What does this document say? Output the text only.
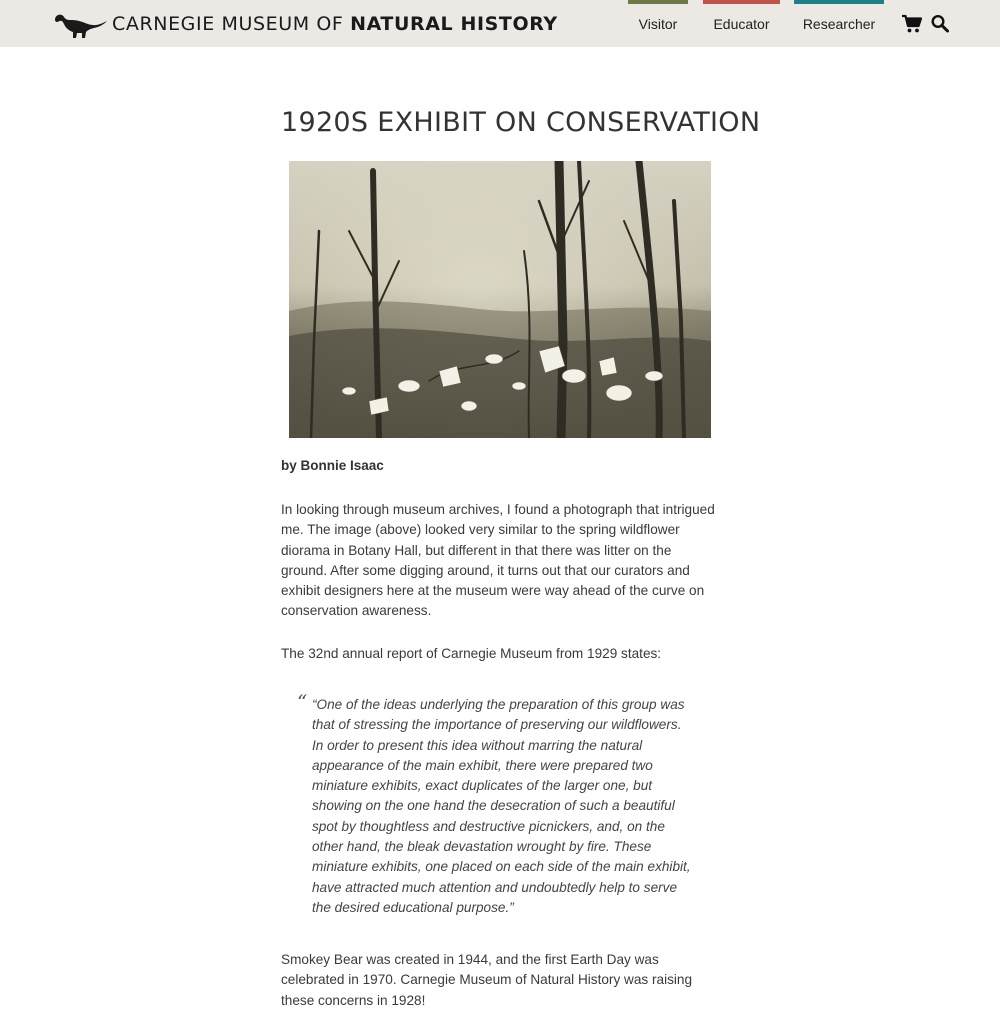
CARNEGIE MUSEUM OF NATURAL HISTORY	Visitor	Educator	Researcher
1920S EXHIBIT ON CONSERVATION
by Bonnie Isaac

In looking through museum archives, I found a photograph that intrigued me. The image (above) looked very similar to the spring wildflower diorama in Botany Hall, but different in that there was litter on the ground. After some digging around, it turns out that our curators and exhibit designers here at the museum were way ahead of the curve on conservation awareness.

The 32nd annual report of Carnegie Museum from 1929 states:

“ “One of the ideas underlying the preparation of this group was that of stressing the importance of preserving our wildflowers. In order to present this idea without marring the natural appearance of the main exhibit, there were prepared two miniature exhibits, exact duplicates of the larger one, but showing on the one hand the desecration of such a beautiful spot by thoughtless and destructive picnickers, and, on the other hand, the bleak devastation wrought by fire. These miniature exhibits, one placed on each side of the main exhibit, have attracted much attention and undoubtedly help to serve the desired educational purpose.”

Smokey Bear was created in 1944, and the first Earth Day was celebrated in 1970. Carnegie Museum of Natural History was raising these concerns in 1928!
